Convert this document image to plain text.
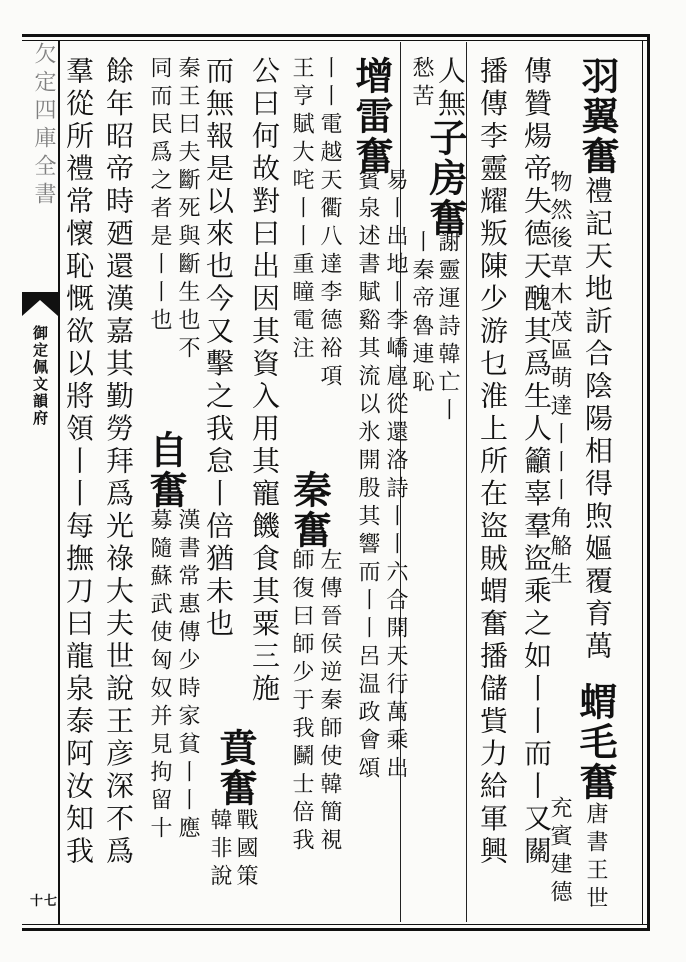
欠定四庫全書
御定佩文韻府
十七
羽翼奮禮記天地訢合陰陽相得煦嫗覆育萬
物然後草木茂區萌達丨丨丨角觡生
蝟毛奮唐書王世
充賓建德
傳贊煬帝失德天醜其爲生人籲辜羣盜乘之如丨丨而丨又關
播傳李靈耀叛陳少游乜淮上所在盜賊蝟奮播儲貲力給軍興
人無
子房奮
愁苦
謝靈運詩韓亡丨
丨秦帝魯連恥
增雷奮
易丨出地丨李嶠扈從還洛詩丨丨六合開天行萬乘出
賓泉述書賦谿其流以氷開殷其響而丨丨呂温政會頌
丨丨電越天衢八達李德裕項
秦奮
左傳晉侯逆秦師使韓簡視
師復曰師少于我鬭士倍我
王亨賦大咤丨丨重瞳電注
公曰何故對曰出因其資入用其寵饑食其粟三施
而無報是以來也今又擊之我怠丨倍猶未也
賁奮
戰國策
韓非說
秦王曰夫斷死與斷生也不
自奮
漢書常惠傳少時家貧丨丨應
同而民爲之者是丨丨也
募隨蘇武使匈奴并見拘留十
餘年昭帝時廼還漢嘉其勤勞拜爲光祿大夫世說王彦深不爲
羣從所禮常懷恥慨欲以將領丨丨每撫刀曰龍泉泰阿汝知我
